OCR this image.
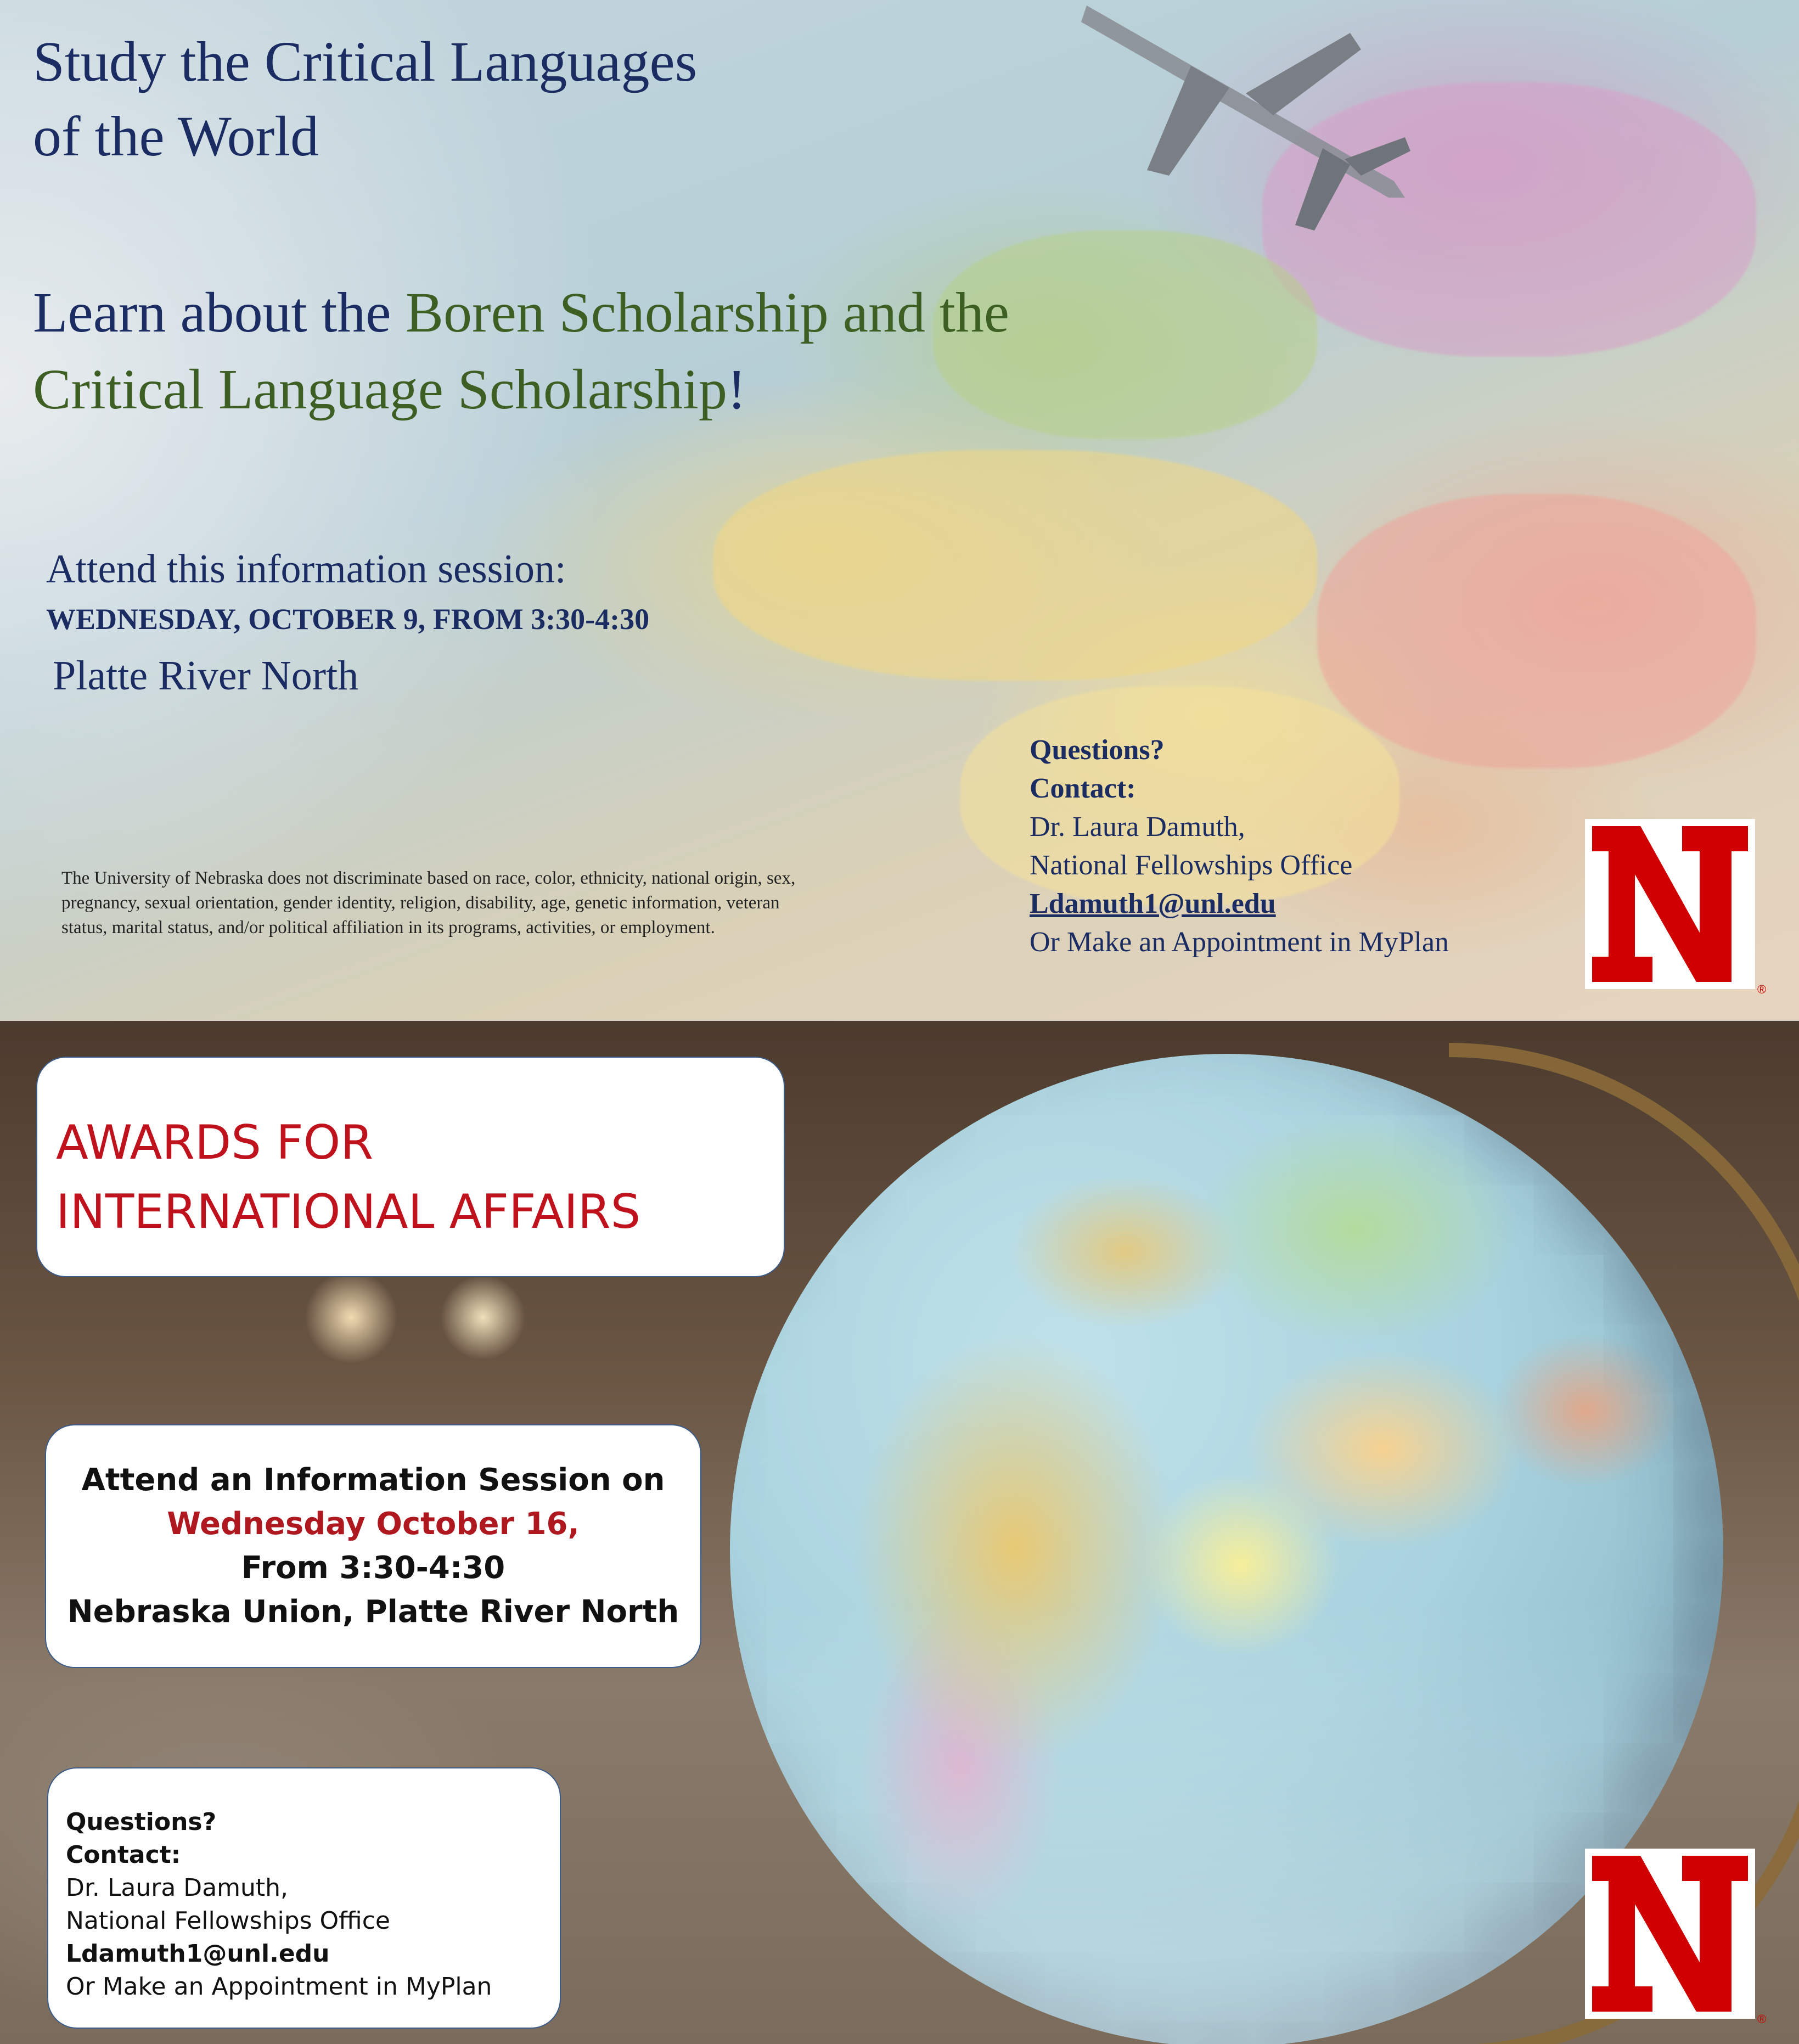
Study the Critical Languages
of the World
Learn about the Boren Scholarship and the
Critical Language Scholarship!
Attend this information session:
WEDNESDAY, OCTOBER 9, FROM 3:30-4:30
Platte River North
The University of Nebraska does not discriminate based on race, color, ethnicity, national origin, sex, pregnancy, sexual orientation, gender identity, religion, disability, age, genetic information, veteran status, marital status, and/or political affiliation in its programs, activities, or employment.
Questions?
Contact:
Dr. Laura Damuth,
National Fellowships Office
Ldamuth1@unl.edu
Or Make an Appointment in MyPlan
®
AWARDS FOR
INTERNATIONAL AFFAIRS
Attend an Information Session on
Wednesday October 16,
From 3:30-4:30
Nebraska Union, Platte River North
Questions?
Contact:
Dr. Laura Damuth,
National Fellowships Office
Ldamuth1@unl.edu
Or Make an Appointment in MyPlan
®
